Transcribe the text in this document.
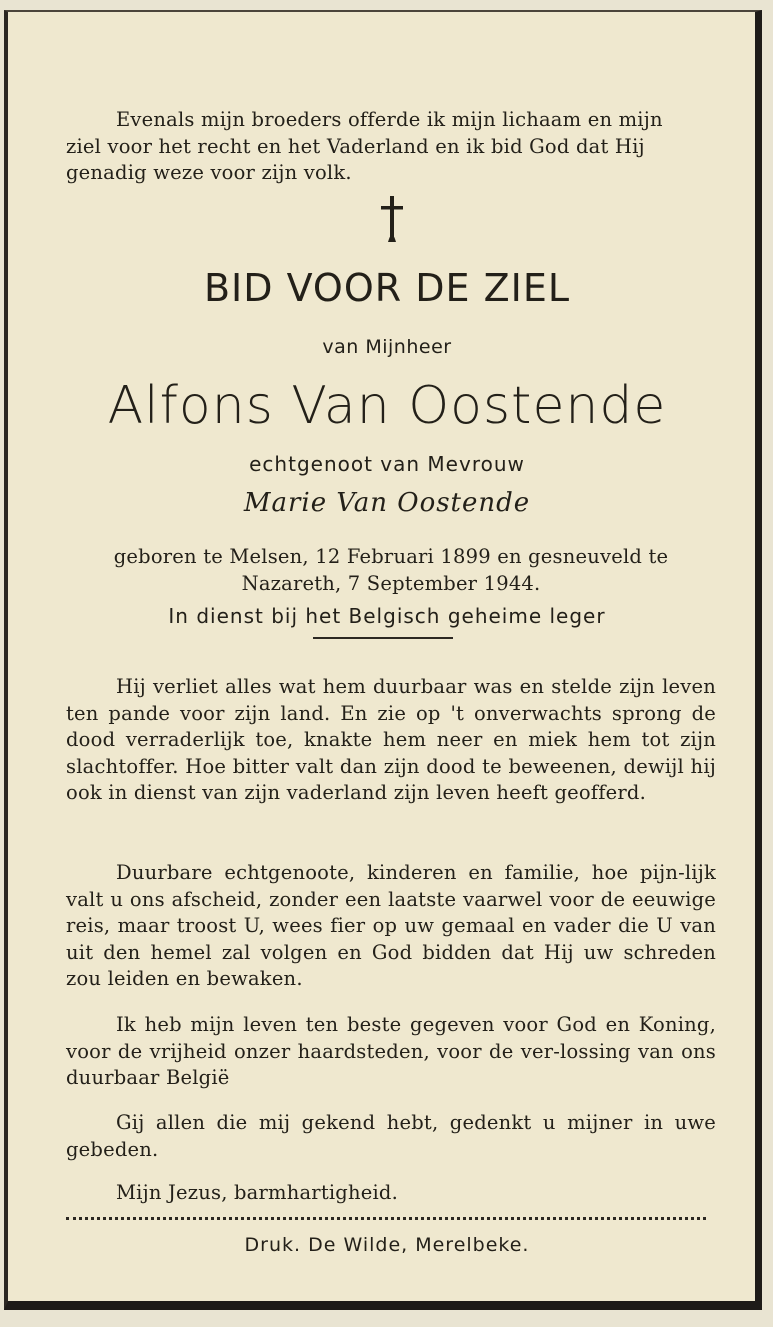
Evenals mijn broeders offerde ik mijn lichaam en mijn

ziel voor het recht en het Vaderland en ik bid God dat Hij

genadig weze voor zijn volk.

BID VOOR DE ZIEL
van Mijnheer
Alfons Van Oostende
echtgenoot van Mevrouw
Marie Van Oostende

geboren te Melsen, 12 Februari 1899 en gesneuveld te

Nazareth, 7 September 1944.

In dienst bij het Belgisch geheime leger

Hij verliet alles wat hem duurbaar was en stelde zijn leven ten pande voor zijn land. En zie op 't onverwachts sprong de dood verraderlijk toe, knakte hem neer en miek hem tot zijn slachtoffer. Hoe bitter valt dan zijn dood te beweenen, dewijl hij ook in dienst van zijn vaderland zijn leven heeft geofferd.

Duurbare echtgenoote, kinderen en familie, hoe pijn-lijk valt u ons afscheid, zonder een laatste vaarwel voor de eeuwige reis, maar troost U, wees fier op uw gemaal en vader die U van uit den hemel zal volgen en God bidden dat Hij uw schreden zou leiden en bewaken.

Ik heb mijn leven ten beste gegeven voor God en Koning, voor de vrijheid onzer haardsteden, voor de ver-lossing van ons duurbaar België

Gij allen die mij gekend hebt, gedenkt u mijner in uwe gebeden.

Mijn Jezus, barmhartigheid.

Druk. De Wilde, Merelbeke.
